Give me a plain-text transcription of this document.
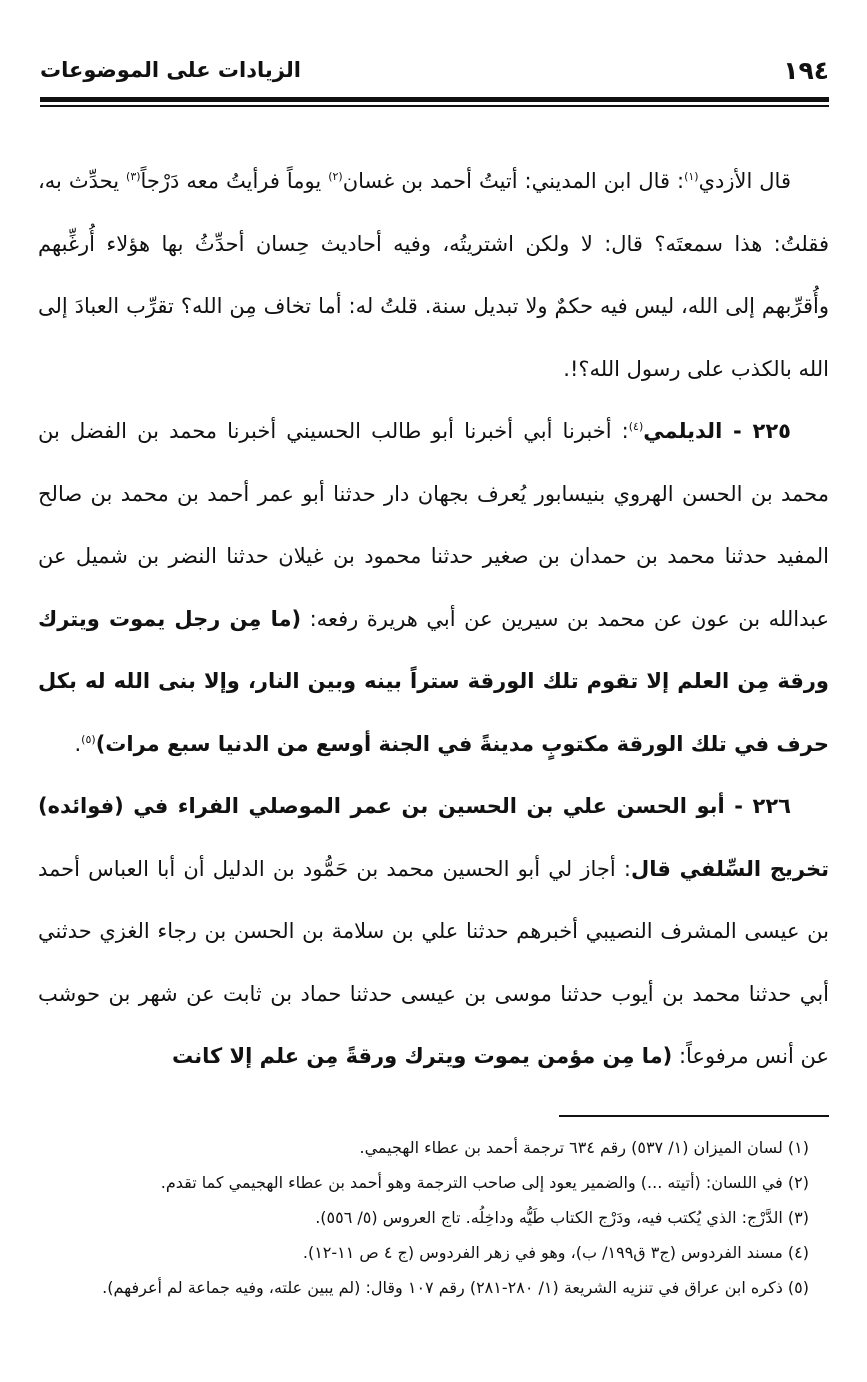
١٩٤
الزيادات على الموضوعات

قال الأزدي$^{(١)}$: قال ابن المديني: أتيتُ أحمد بن غسان$^{(٢)}$ يوماً فرأيتُ معه دَرْجاً$^{(٣)}$ يحدِّث به، فقلتُ: هذا سمعتَه؟ قال: لا ولكن اشتريتُه، وفيه أحاديث حِسان أحدِّثُ بها هؤلاء أُرغِّبهم وأُقرِّبهم إلى الله، ليس فيه حكمٌ ولا تبديل سنة. قلتُ له: أما تخاف مِن الله؟ تقرِّب العبادَ إلى الله بالكذب على رسول الله؟!.

٢٢٥ - الديلمي$^{(٤)}$: أخبرنا أبي أخبرنا أبو طالب الحسيني أخبرنا محمد بن الفضل بن محمد بن الحسن الهروي بنيسابور يُعرف بجهان دار حدثنا أبو عمر أحمد بن محمد بن صالح المفيد حدثنا محمد بن حمدان بن صغير حدثنا محمود بن غيلان حدثنا النضر بن شميل عن عبدالله بن عون عن محمد بن سيرين عن أبي هريرة رفعه: (ما مِن رجل يموت ويترك ورقة مِن العلم إلا تقوم تلك الورقة ستراً بينه وبين النار، وإلا بنى الله له بكل حرف في تلك الورقة مكتوبٍ مدينةً في الجنة أوسع من الدنيا سبع مرات)$^{(٥)}$.

٢٢٦ - أبو الحسن علي بن الحسين بن عمر الموصلي الفراء في (فوائده) تخريج السِّلفي قال: أجاز لي أبو الحسين محمد بن حَمُّود بن الدليل أن أبا العباس أحمد بن عيسى المشرف النصيبي أخبرهم حدثنا علي بن سلامة بن الحسن بن رجاء الغزي حدثني أبي حدثنا محمد بن أيوب حدثنا موسى بن عيسى حدثنا حماد بن ثابت عن شهر بن حوشب عن أنس مرفوعاً: (ما مِن مؤمن يموت ويترك ورقةً مِن علم إلا كانت

(١) لسان الميزان (١/ ٥٣٧) رقم ٦٣٤ ترجمة أحمد بن عطاء الهجيمي.
(٢) في اللسان: (أتيته ...) والضمير يعود إلى صاحب الترجمة وهو أحمد بن عطاء الهجيمي كما تقدم.
(٣) الدَّرْج: الذي يُكتب فيه، ودَرْج الكتاب طَيُّه وداخِلُه. تاج العروس (٥/ ٥٥٦).
(٤) مسند الفردوس (ج٣ ق١٩٩/ ب)، وهو في زهر الفردوس (ج ٤ ص ١١-١٢).
(٥) ذكره ابن عراق في تنزيه الشريعة (١/ ٢٨٠-٢٨١) رقم ١٠٧ وقال: (لم يبين علته، وفيه جماعة لم أعرفهم).
